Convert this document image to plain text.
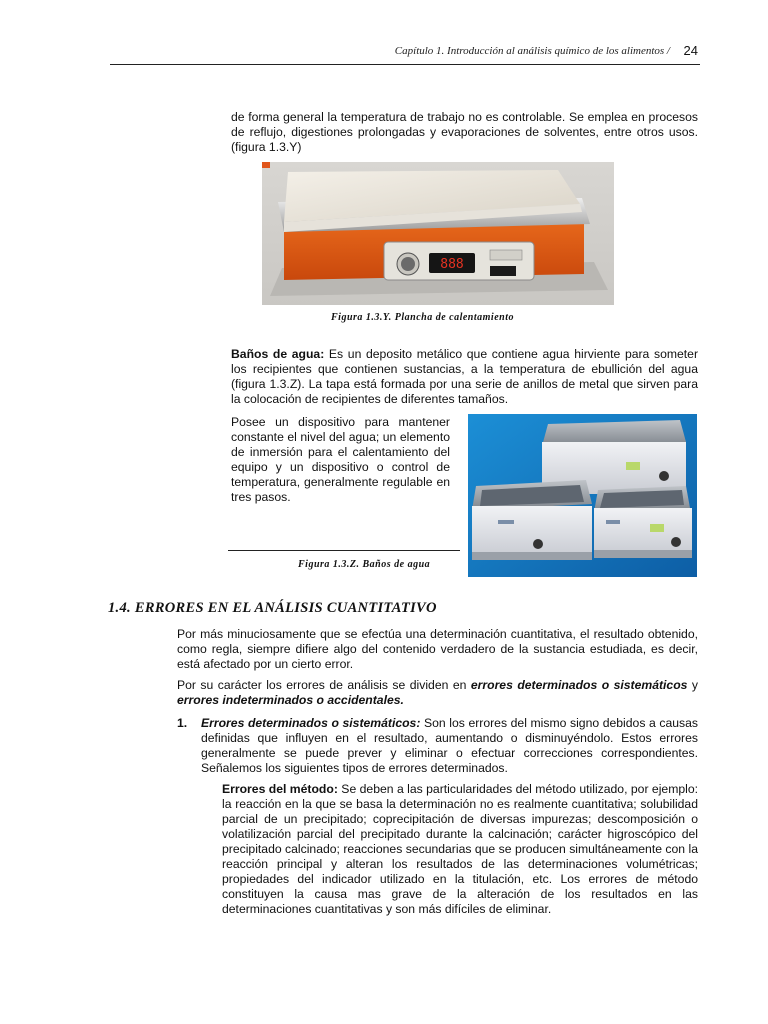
Capítulo 1. Introducción al análisis químico de los alimentos / 24
de forma general la temperatura de trabajo no es controlable. Se emplea en procesos de reflujo, digestiones prolongadas y evaporaciones de solventes, entre otros usos. (figura 1.3.Y)
888
Figura 1.3.Y. Plancha de calentamiento
Baños de agua: Es un deposito metálico que contiene agua hirviente para someter los recipientes que contienen sustancias, a la temperatura de ebullición del agua (figura 1.3.Z). La tapa está formada por una serie de anillos de metal que sirven para la colocación de recipientes de diferentes tamaños.
Posee un dispositivo para mantener constante el nivel del agua; un elemento de inmersión para el calentamiento del equipo y un dispositivo o control de temperatura, generalmente regulable en tres pasos.
Figura 1.3.Z. Baños de agua
1.4. ERRORES EN EL ANÁLISIS CUANTITATIVO
Por más minuciosamente que se efectúa una determinación cuantitativa, el resultado obtenido, como regla, siempre difiere algo del contenido verdadero de la sustancia estudiada, es decir, está afectado por un cierto error.
Por su carácter los errores de análisis se dividen en errores determinados o sistemáticos y errores indeterminados o accidentales.
1.	Errores determinados o sistemáticos: Son los errores del mismo signo debidos a causas definidas que influyen en el resultado, aumentando o disminuyéndolo. Estos errores generalmente se puede prever y eliminar o efectuar correcciones correspondientes. Señalemos los siguientes tipos de errores determinados.
Errores del método: Se deben a las particularidades del método utilizado, por ejemplo: la reacción en la que se basa la determinación no es realmente cuantitativa; solubilidad parcial de un precipitado; coprecipitación de diversas impurezas; descomposición o volatilización parcial del precipitado durante la calcinación; carácter higroscópico del precipitado calcinado; reacciones secundarias que se producen simultáneamente con la reacción principal y alteran los resultados de las determinaciones volumétricas; propiedades del indicador utilizado en la titulación, etc. Los errores de método constituyen la causa mas grave de la alteración de los resultados en las determinaciones cuantitativas y son más difíciles de eliminar.
